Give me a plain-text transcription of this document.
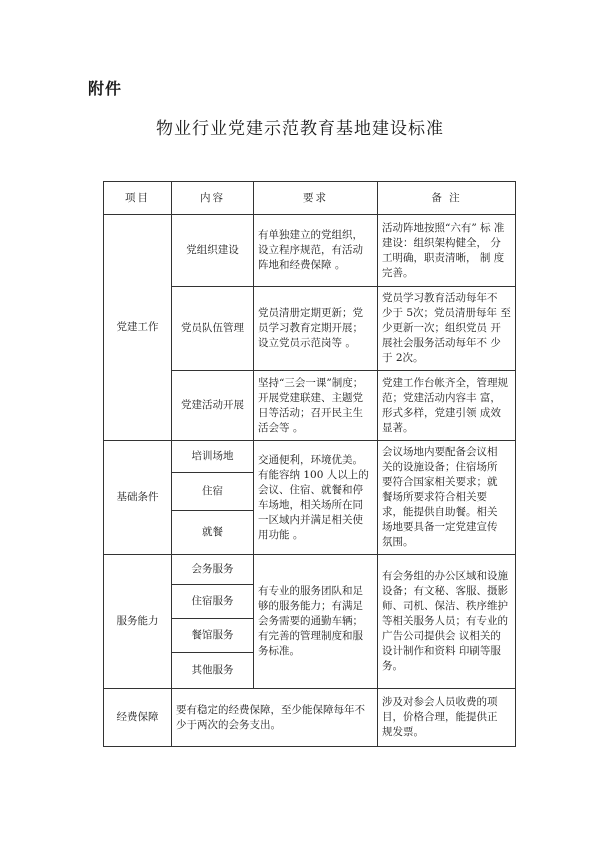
附件
物业行业党建示范教育基地建设标准
项目	内容	要求	备 注
党建工作	党组织建设	有单独建立的党组织，设立程序规范，有活动阵地和经费保障 。	活动阵地按照“六有” 标 准建设：组织架构健全， 分工明确，职责清晰， 制 度完善。
	党员队伍管理	党员清册定期更新；党员学习教育定期开展；设立党员示范岗等 。	党员学习教育活动每年不 少于 5次；党员清册每年 至少更新一次；组织党员 开展社会服务活动每年不 少于 2次。
	党建活动开展	坚持“三会一课”制度；开展党建联建、主题党日等活动；召开民主生活会等 。	党建工作台帐齐全，管理规范；党建活动内容丰 富，形式多样，党建引领 成效显著。
基础条件	培训场地	交通便利，环境优美。有能容纳 100 人以上的会议、住宿、就餐和停车场地，相关场所在同一区域内并满足相关使用功能 。	会议场地内要配备会议相 关的设施设备；住宿场所 要符合国家相关要求；就 餐场所要求符合相关要 求，能提供自助餐。相关 场地要具备一定党建宣传 氛围。
	住宿		
	就餐		
服务能力	会务服务	有专业的服务团队和足够的服务能力；有满足会务需要的通勤车辆；有完善的管理制度和服务标准。	有会务组的办公区域和设施设备；有文秘、客服、摄影师、司机、保洁、秩序维护等相关服务人员；有专业的广告公司提供会 议相关的设计制作和资料 印刷等服务。
	住宿服务		
	餐馆服务		
	其他服务		
经费保障	要有稳定的经费保障，至少能保障每年不少于两次的会务支出。		涉及对参会人员收费的项 目，价格合理，能提供正 规发票。
